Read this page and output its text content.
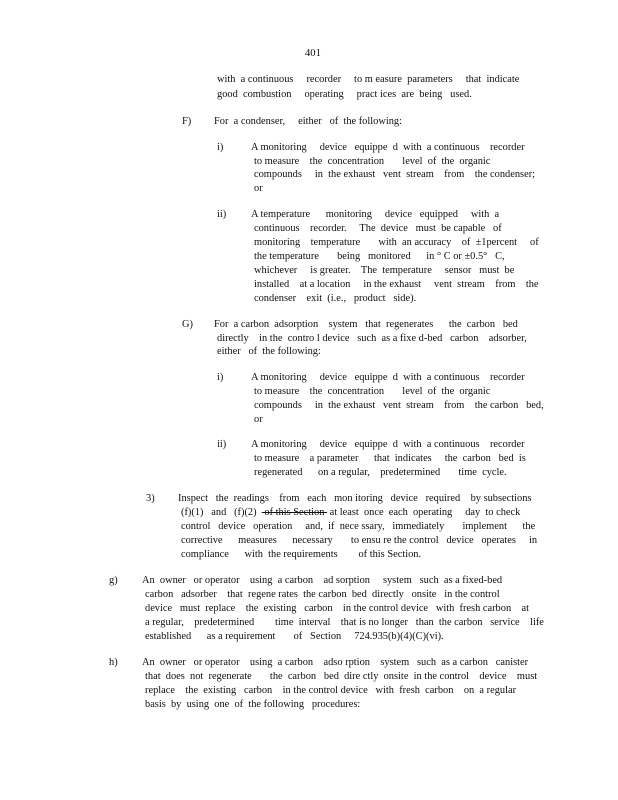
401
with  a continuous     recorder     to m easure  parameters     that  indicate
good  combustion     operating     pract ices  are  being   used.
F) For  a condenser,     either   of  the following:
i)	A monitoring     device   equippe  d  with  a continuous    recorder
to measure    the  concentration       level  of  the  organic
compounds     in  the exhaust   vent  stream    from    the condenser;
or
ii) A temperature      monitoring     device   equipped     with  a
continuous    recorder.     The  device   must  be capable   of
monitoring    temperature       with  an accuracy    of  ±1percent     of
the temperature       being   monitored      in ° C or ±0.5°   C,
whichever     is greater.    The  temperature     sensor   must  be
installed    at a location     in the exhaust     vent  stream    from    the
condenser    exit  (i.e.,   product   side).
G) For  a carbon  adsorption    system   that  regenerates      the  carbon   bed
directly    in the  contro l device   such  as a fixe d-bed   carbon    adsorber,
either   of  the following:
i)	A monitoring     device   equippe  d  with  a continuous    recorder
to measure    the  concentration       level  of  the  organic
compounds     in  the exhaust   vent  stream    from    the carbon   bed,
or
ii) A monitoring     device   equippe  d  with  a continuous    recorder
to measure    a parameter      that  indicates     the  carbon   bed  is
regenerated      on a regular,    predetermined       time  cycle.
3) Inspect   the  readings    from   each   mon itoring   device   required    by subsections
(f)(1)   and   (f)(2)   of this Section  at least  once  each  operating     day  to check
control   device   operation     and,  if  nece ssary,   immediately       implement      the
corrective      measures      necessary       to ensu re the control   device   operates     in
compliance      with  the requirements        of this Section.
g) An  owner   or operator    using  a carbon    ad sorption     system   such  as a fixed-bed
carbon   adsorber    that  regene rates  the carbon  bed  directly   onsite   in the control
device   must  replace    the  existing   carbon    in the control device   with  fresh carbon    at
a regular,    predetermined        time  interval    that is no longer   than  the carbon   service    life
established      as a requirement       of   Section     724.935(b)(4)(C)(vi).
h) An  owner   or operator    using  a carbon    adso rption    system   such  as a carbon   canister
that  does  not  regenerate       the  carbon   bed  dire ctly  onsite  in the control    device    must
replace    the  existing   carbon    in the control device   with  fresh  carbon    on  a regular
basis  by  using  one  of  the following   procedures:
